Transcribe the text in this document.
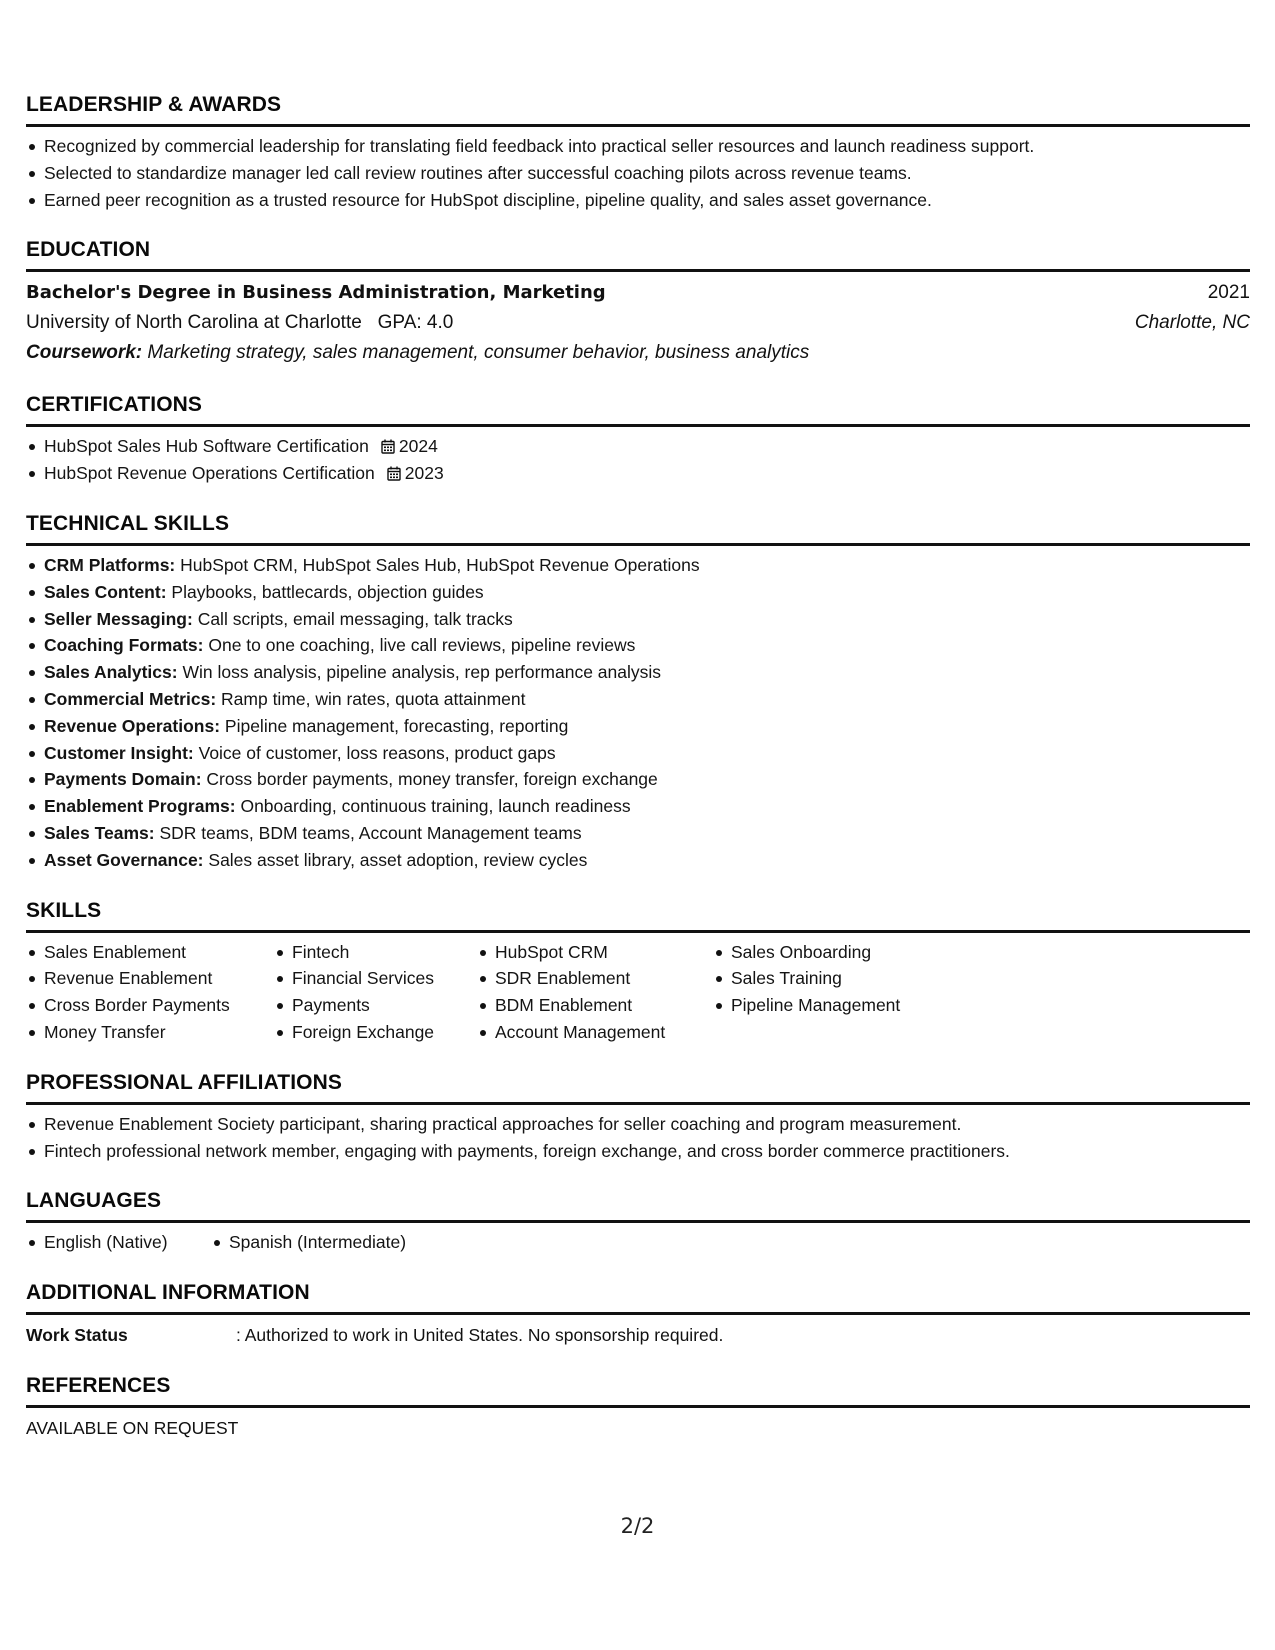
LEADERSHIP & AWARDS
Recognized by commercial leadership for translating field feedback into practical seller resources and launch readiness support.
Selected to standardize manager led call review routines after successful coaching pilots across revenue teams.
Earned peer recognition as a trusted resource for HubSpot discipline, pipeline quality, and sales asset governance.
EDUCATION
Bachelor's Degree in Business Administration, Marketing	2021
University of North Carolina at Charlotte GPA: 4.0	Charlotte, NC
Coursework: Marketing strategy, sales management, consumer behavior, business analytics
CERTIFICATIONS
HubSpot Sales Hub Software Certification 2024
HubSpot Revenue Operations Certification 2023
TECHNICAL SKILLS
CRM Platforms: HubSpot CRM, HubSpot Sales Hub, HubSpot Revenue Operations
Sales Content: Playbooks, battlecards, objection guides
Seller Messaging: Call scripts, email messaging, talk tracks
Coaching Formats: One to one coaching, live call reviews, pipeline reviews
Sales Analytics: Win loss analysis, pipeline analysis, rep performance analysis
Commercial Metrics: Ramp time, win rates, quota attainment
Revenue Operations: Pipeline management, forecasting, reporting
Customer Insight: Voice of customer, loss reasons, product gaps
Payments Domain: Cross border payments, money transfer, foreign exchange
Enablement Programs: Onboarding, continuous training, launch readiness
Sales Teams: SDR teams, BDM teams, Account Management teams
Asset Governance: Sales asset library, asset adoption, review cycles
SKILLS
Sales Enablement
Revenue Enablement
Cross Border Payments
Money Transfer
Fintech
Financial Services
Payments
Foreign Exchange
HubSpot CRM
SDR Enablement
BDM Enablement
Account Management
Sales Onboarding
Sales Training
Pipeline Management
PROFESSIONAL AFFILIATIONS
Revenue Enablement Society participant, sharing practical approaches for seller coaching and program measurement.
Fintech professional network member, engaging with payments, foreign exchange, and cross border commerce practitioners.
LANGUAGES
English (Native)	Spanish (Intermediate)
ADDITIONAL INFORMATION
Work Status	: Authorized to work in United States. No sponsorship required.
REFERENCES
AVAILABLE ON REQUEST
2/2
